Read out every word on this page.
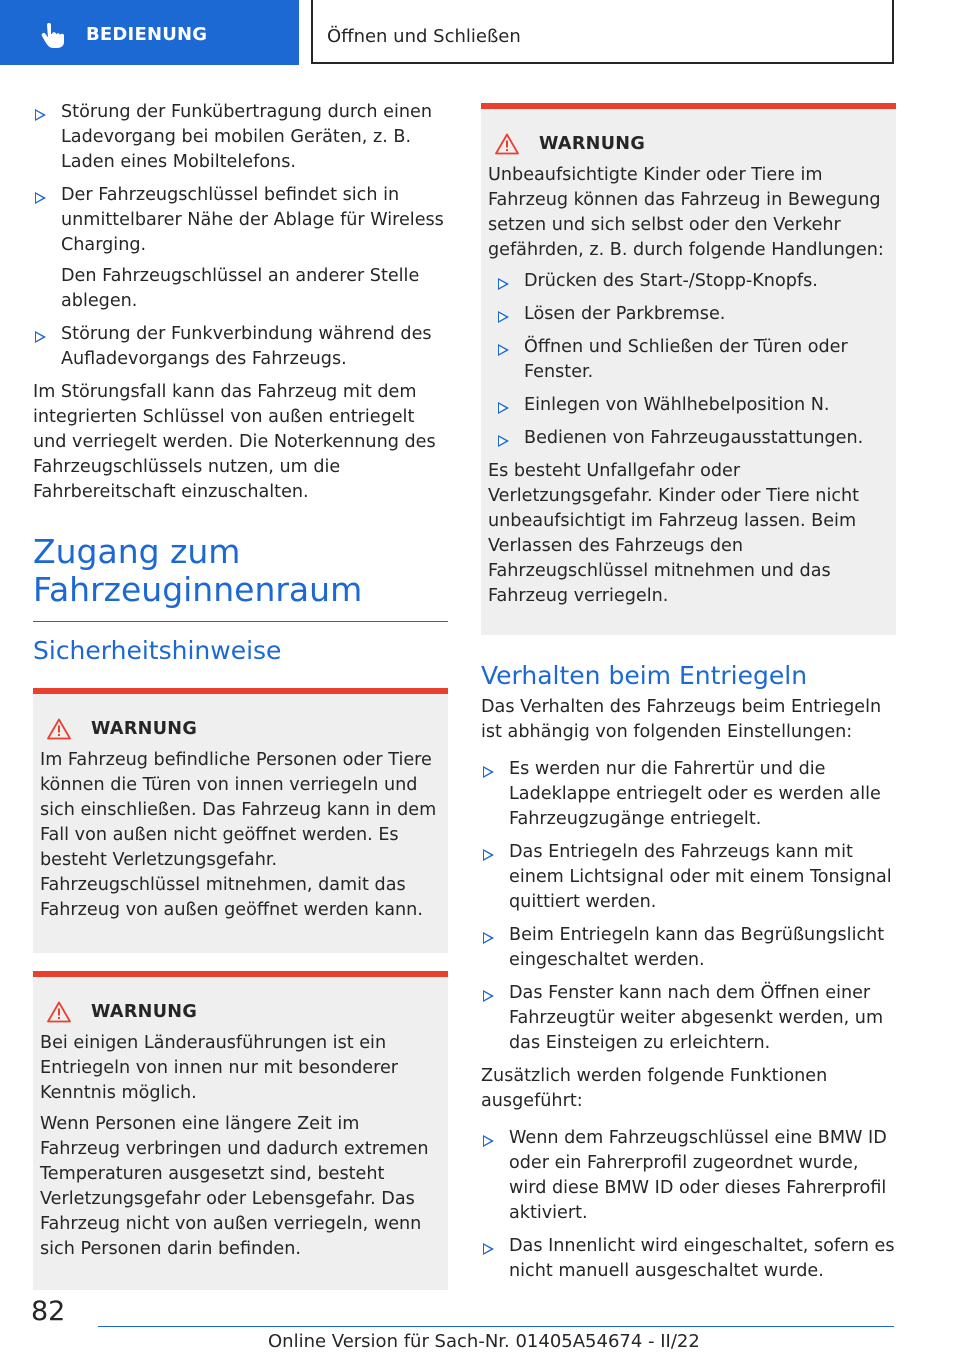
BEDIENUNG	Öffnen und Schließen
Störung der Funkübertragung durch einen Ladevorgang bei mobilen Geräten, z. B. Laden eines Mobiltelefons.
Der Fahrzeugschlüssel befindet sich in unmittelbarer Nähe der Ablage für Wireless Charging.
Den Fahrzeugschlüssel an anderer Stelle ablegen.
Störung der Funkverbindung während des Aufladevorgangs des Fahrzeugs.

Im Störungsfall kann das Fahrzeug mit dem integrierten Schlüssel von außen entriegelt und verriegelt werden. Die Noterkennung des Fahrzeugschlüssels nutzen, um die Fahrbereitschaft einzuschalten.

Zugang zum Fahrzeuginnenraum
Sicherheitshinweise
WARNUNG

Im Fahrzeug befindliche Personen oder Tiere können die Türen von innen verriegeln und sich einschließen. Das Fahrzeug kann in dem Fall von außen nicht geöffnet werden. Es besteht Verletzungsgefahr. Fahrzeugschlüssel mitnehmen, damit das Fahrzeug von außen geöffnet werden kann.

WARNUNG

Bei einigen Länderausführungen ist ein Entriegeln von innen nur mit besonderer Kenntnis möglich.

Wenn Personen eine längere Zeit im Fahrzeug verbringen und dadurch extremen Temperaturen ausgesetzt sind, besteht Verletzungsgefahr oder Lebensgefahr. Das Fahrzeug nicht von außen verriegeln, wenn sich Personen darin befinden.

WARNUNG

Unbeaufsichtigte Kinder oder Tiere im Fahrzeug können das Fahrzeug in Bewegung setzen und sich selbst oder den Verkehr gefährden, z. B. durch folgende Handlungen:

Drücken des Start-/Stopp-Knopfs.
Lösen der Parkbremse.
Öffnen und Schließen der Türen oder Fenster.
Einlegen von Wählhebelposition N.
Bedienen von Fahrzeugausstattungen.

Es besteht Unfallgefahr oder Verletzungsgefahr. Kinder oder Tiere nicht unbeaufsichtigt im Fahrzeug lassen. Beim Verlassen des Fahrzeugs den Fahrzeugschlüssel mitnehmen und das Fahrzeug verriegeln.

Verhalten beim Entriegeln

Das Verhalten des Fahrzeugs beim Entriegeln ist abhängig von folgenden Einstellungen:

Es werden nur die Fahrertür und die Ladeklappe entriegelt oder es werden alle Fahrzeugzugänge entriegelt.
Das Entriegeln des Fahrzeugs kann mit einem Lichtsignal oder mit einem Tonsignal quittiert werden.
Beim Entriegeln kann das Begrüßungslicht eingeschaltet werden.
Das Fenster kann nach dem Öffnen einer Fahrzeugtür weiter abgesenkt werden, um das Einsteigen zu erleichtern.

Zusätzlich werden folgende Funktionen ausgeführt:

Wenn dem Fahrzeugschlüssel eine BMW ID oder ein Fahrerprofil zugeordnet wurde, wird diese BMW ID oder dieses Fahrerprofil aktiviert.
Das Innenlicht wird eingeschaltet, sofern es nicht manuell ausgeschaltet wurde.
82
Online Version für Sach-Nr. 01405A54674 - II/22
